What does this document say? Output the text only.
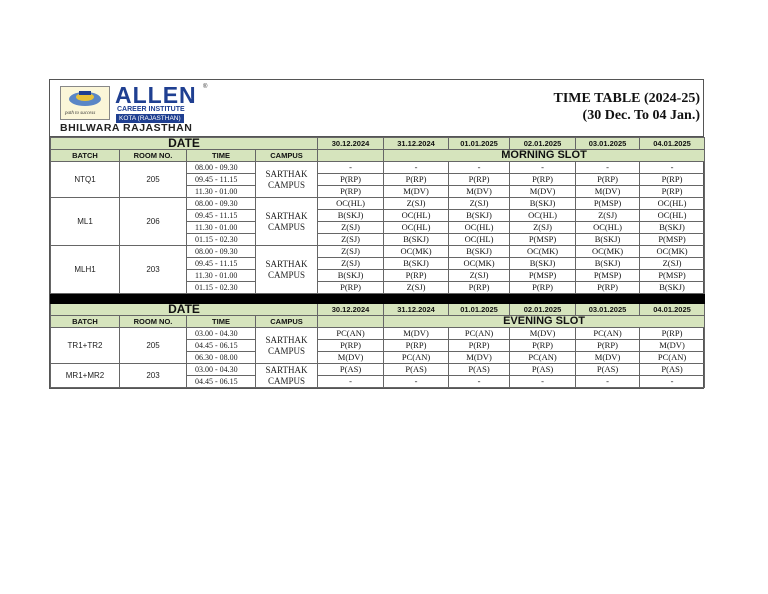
path to success
ALLEN ®
CAREER INSTITUTE
KOTA (RAJASTHAN)
BHILWARA RAJASTHAN
TIME TABLE (2024-25)
(30 Dec. To 04 Jan.)
DATE				30.12.2024	31.12.2024	01.01.2025	02.01.2025	03.01.2025	04.01.2025
BATCH	ROOM NO.	TIME	CAMPUS		MORNING SLOT				
NTQ1	205	08.00 - 09.30	SARTHAK CAMPUS	-	-	-	-	-	-
		09.45 - 11.15		P(RP)	P(RP)	P(RP)	P(RP)	P(RP)	P(RP)
		11.30 - 01.00		P(RP)	M(DV)	M(DV)	M(DV)	M(DV)	P(RP)
ML1	206	08.00 - 09.30	SARTHAK CAMPUS	OC(HL)	Z(SJ)	Z(SJ)	B(SKJ)	P(MSP)	OC(HL)
		09.45 - 11.15		B(SKJ)	OC(HL)	B(SKJ)	OC(HL)	Z(SJ)	OC(HL)
		11.30 - 01.00		Z(SJ)	OC(HL)	OC(HL)	Z(SJ)	OC(HL)	B(SKJ)
		01.15 - 02.30		Z(SJ)	B(SKJ)	OC(HL)	P(MSP)	B(SKJ)	P(MSP)
MLH1	203	08.00 - 09.30	SARTHAK CAMPUS	Z(SJ)	OC(MK)	B(SKJ)	OC(MK)	OC(MK)	OC(MK)
		09.45 - 11.15		Z(SJ)	B(SKJ)	OC(MK)	B(SKJ)	B(SKJ)	Z(SJ)
		11.30 - 01.00		B(SKJ)	P(RP)	Z(SJ)	P(MSP)	P(MSP)	P(MSP)
		01.15 - 02.30		P(RP)	Z(SJ)	P(RP)	P(RP)	P(RP)	B(SKJ)

DATE				30.12.2024	31.12.2024	01.01.2025	02.01.2025	03.01.2025	04.01.2025
BATCH	ROOM NO.	TIME	CAMPUS		EVENING SLOT				
TR1+TR2	205	03.00 - 04.30	SARTHAK CAMPUS	PC(AN)	M(DV)	PC(AN)	M(DV)	PC(AN)	P(RP)
		04.45 - 06.15		P(RP)	P(RP)	P(RP)	P(RP)	P(RP)	M(DV)
		06.30 - 08.00		M(DV)	PC(AN)	M(DV)	PC(AN)	M(DV)	PC(AN)
MR1+MR2	203	03.00 - 04.30	SARTHAK CAMPUS	P(AS)	P(AS)	P(AS)	P(AS)	P(AS)	P(AS)
		04.45 - 06.15		-	-	-	-	-	-
